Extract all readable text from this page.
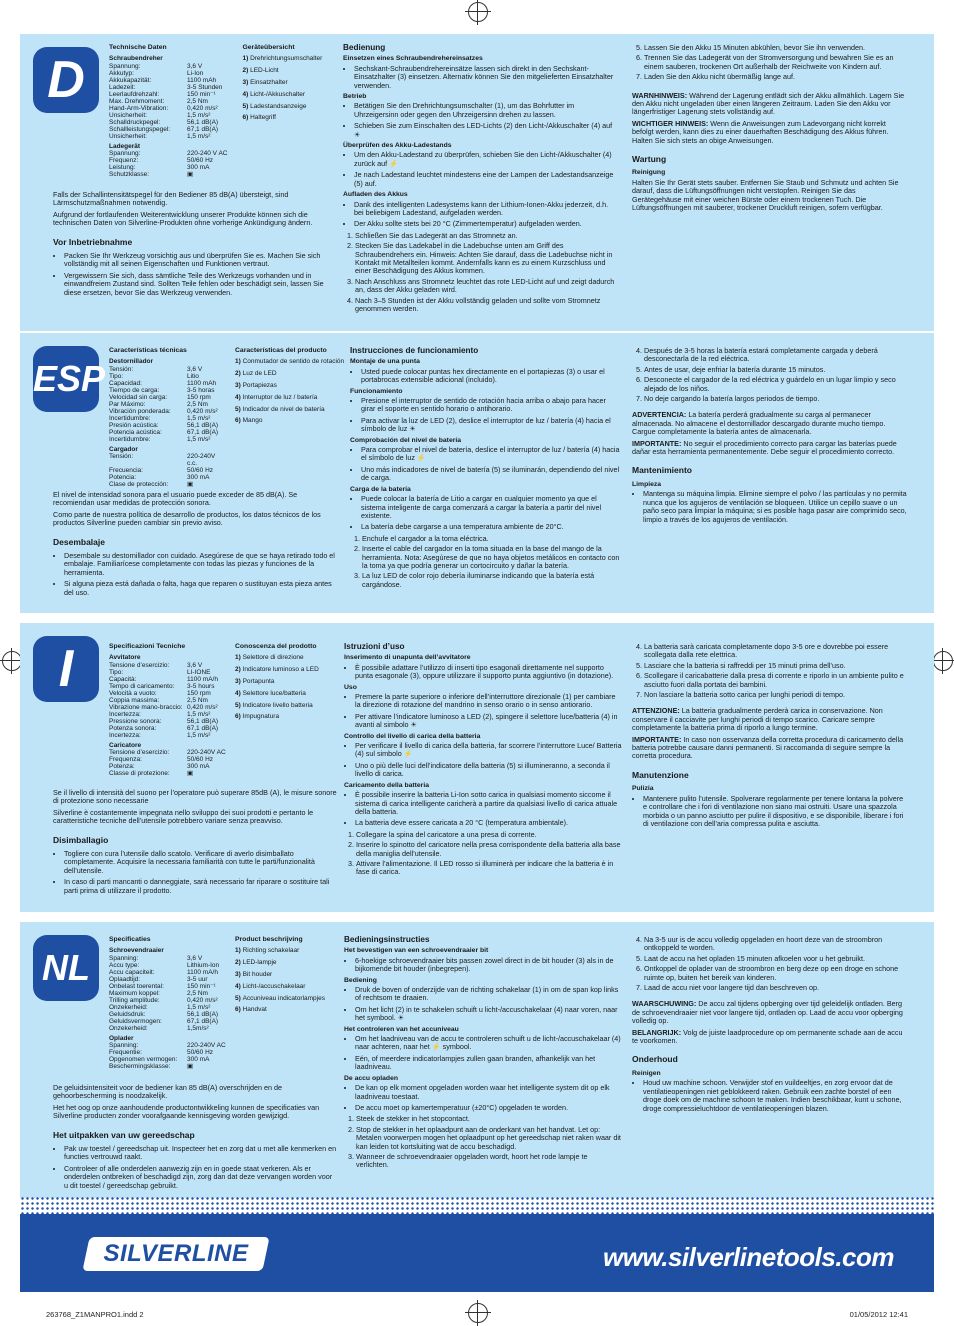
D
Technische Daten
Schraubendreher
Spannung:	3,6 V
Akkutyp:	Li-Ion
Akkukapazität:	1100 mAh
Ladezeit:	3-5 Stunden
Leerlaufdrehzahl:	150 min⁻¹
Max. Drehmoment:	2,5 Nm
Hand-Arm-Vibration:	0,420 m/s²
Unsicherheit:	1,5 m/s²
Schalldruckpegel:	56,1 dB(A)
Schallleistungspegel:	67,1 dB(A)
Unsicherheit:	1,5 m/s²
Ladegerät
Spannung:	220-240 V AC
Frequenz:	50/60 Hz
Leistung:	300 mA
Schutzklasse:	▣
Geräteübersicht
1) Drehrichtungsumschalter
2) LED-Licht
3) Einsatzhalter
4) Licht-/Akkuschalter
5) Ladestandsanzeige
6) Haltegriff

Falls der Schallintensitätspegel für den Bediener 85 dB(A) übersteigt, sind Lärmschutzmaßnahmen notwendig.

Aufgrund der fortlaufenden Weiterentwicklung unserer Produkte können sich die technischen Daten von Silverline-Produkten ohne vorherige Ankündigung ändern.

Vor Inbetriebnahme
• Packen Sie Ihr Werkzeug vorsichtig aus und überprüfen Sie es. Machen Sie sich vollständig mit all seinen Eigenschaften und Funktionen vertraut.
• Vergewissern Sie sich, dass sämtliche Teile des Werkzeugs vorhanden und in einwandfreiem Zustand sind. Sollten Teile fehlen oder beschädigt sein, lassen Sie diese ersetzen, bevor Sie das Werkzeug verwenden.
Bedienung
Einsetzen eines Schraubendrehereinsatzes
• Sechskant-Schraubendrehereinsätze lassen sich direkt in den Sechskant-Einsatzhalter (3) einsetzen. Alternativ können Sie den mitgelieferten Einsatzhalter verwenden.
Betrieb
• Betätigen Sie den Drehrichtungsumschalter (1), um das Bohrfutter im Uhrzeigersinn oder gegen den Uhrzeigersinn drehen zu lassen.
• Schieben Sie zum Einschalten des LED-Lichts (2) den Licht-/Akkuschalter (4) auf ☀
Überprüfen des Akku-Ladestands
• Um den Akku-Ladestand zu überprüfen, schieben Sie den Licht-/Akkuschalter (4) zurück auf ⚡
• Je nach Ladestand leuchtet mindestens eine der Lampen der Ladestandsanzeige (5) auf.
Aufladen des Akkus
• Dank des intelligenten Ladesystems kann der Lithium-Ionen-Akku jederzeit, d.h. bei beliebigem Ladestand, aufgeladen werden.
• Der Akku sollte stets bei 20 °C (Zimmertemperatur) aufgeladen werden.
1. Schließen Sie das Ladegerät an das Stromnetz an.
2. Stecken Sie das Ladekabel in die Ladebuchse unten am Griff des Schraubendrehers ein. Hinweis: Achten Sie darauf, dass die Ladebuchse nicht in Kontakt mit Metallteilen kommt. Andernfalls kann es zu einem Kurzschluss und einer Beschädigung des Akkus kommen.
3. Nach Anschluss ans Stromnetz leuchtet das rote LED-Licht auf und zeigt dadurch an, dass der Akku geladen wird.
4. Nach 3–5 Stunden ist der Akku vollständig geladen und sollte vom Stromnetz genommen werden.
5. Lassen Sie den Akku 15 Minuten abkühlen, bevor Sie ihn verwenden.
6. Trennen Sie das Ladegerät von der Stromversorgung und bewahren Sie es an einem sauberen, trockenen Ort außerhalb der Reichweite von Kindern auf.
7. Laden Sie den Akku nicht übermäßig lange auf.

WARNHINWEIS: Während der Lagerung entlädt sich der Akku allmählich. Lagern Sie den Akku nicht ungeladen über einen längeren Zeitraum. Laden Sie den Akku vor längerfristiger Lagerung stets vollständig auf.

WICHTIGER HINWEIS: Wenn die Anweisungen zum Ladevorgang nicht korrekt befolgt werden, kann dies zu einer dauerhaften Beschädigung des Akkus führen. Halten Sie sich stets an obige Anweisungen.

Wartung
Reinigung

Halten Sie Ihr Gerät stets sauber. Entfernen Sie Staub und Schmutz und achten Sie darauf, dass die Lüftungsöffnungen nicht verstopfen. Reinigen Sie das Gerätegehäuse mit einer weichen Bürste oder einem trockenen Tuch. Die Lüftungsöffnungen mit sauberer, trockener Druckluft reinigen, sofern verfügbar.

ESP
Características técnicas
Destornillador
Tensión:	3,6 V
Tipo:	Litio
Capacidad:	1100 mAh
Tiempo de carga:	3-5 horas
Velocidad sin carga:	150 rpm
Par Máximo:	2,5 Nm
Vibración ponderada:	0,420 m/s²
Incertidumbre:	1,5 m/s²
Presión acústica:	56,1 dB(A)
Potencia acústica:	67,1 dB(A)
Incertidumbre:	1,5 m/s²
Cargador
Tensión:	220-240V c.c.
Frecuencia:	50/60 Hz
Potencia:	300 mA
Clase de protección:	▣
Características del producto
1) Conmutador de sentido de rotación
2) Luz de LED
3) Portapiezas
4) Interruptor de luz / batería
5) Indicador de nivel de batería
6) Mango

El nivel de intensidad sonora para el usuario puede exceder de 85 dB(A). Se recomiendan usar medidas de protección sonora.

Como parte de nuestra política de desarrollo de productos, los datos técnicos de los productos Silverline pueden cambiar sin previo aviso.

Desembalaje
• Desembale su destornillador con cuidado. Asegúrese de que se haya retirado todo el embalaje. Familiarícese completamente con todas las piezas y funciones de la herramienta.
• Si alguna pieza está dañada o falta, haga que reparen o sustituyan esta pieza antes del uso.
Instrucciones de funcionamiento
Montaje de una punta
• Usted puede colocar puntas hex directamente en el portapiezas (3) o usar el portabrocas extensible adicional (incluido).
Funcionamiento
• Presione el interruptor de sentido de rotación hacia arriba o abajo para hacer girar el soporte en sentido horario o antihorario.
• Para activar la luz de LED (2), deslice el interruptor de luz / batería (4) hacia el símbolo de luz ☀
Comprobación del nivel de batería
• Para comprobar el nivel de batería, deslice el interruptor de luz / batería (4) hacia el símbolo de luz ⚡
• Uno más indicadores de nivel de batería (5) se iluminarán, dependiendo del nivel de carga.
Carga de la batería
• Puede colocar la batería de Litio a cargar en cualquier momento ya que el sistema inteligente de carga comenzará a cargar la batería a partir del nivel existente.
• La batería debe cargarse a una temperatura ambiente de 20°C.
1. Enchufe el cargador a la toma eléctrica.
2. Inserte el cable del cargador en la toma situada en la base del mango de la herramienta. Nota: Asegúrese de que no haya objetos metálicos en contacto con la toma ya que podría generar un cortocircuito y dañar la batería.
3. La luz LED de color rojo debería iluminarse indicando que la batería está cargándose.
4. Después de 3-5 horas la batería estará completamente cargada y deberá desconectarla de la red eléctrica.
5. Antes de usar, deje enfriar la batería durante 15 minutos.
6. Desconecte el cargador de la red eléctrica y guárdelo en un lugar limpio y seco alejado de los niños.
7. No deje cargando la batería largos periodos de tiempo.

ADVERTENCIA: La batería perderá gradualmente su carga al permanecer almacenada. No almacene el destornillador descargado durante mucho tiempo. Cargue completamente la batería antes de almacenarla.

IMPORTANTE: No seguir el procedimiento correcto para cargar las baterías puede dañar esta herramienta permanentemente. Debe seguir el procedimiento correcto.

Mantenimiento
Limpieza
• Mantenga su máquina limpia. Elimine siempre el polvo / las partículas y no permita nunca que los agujeros de ventilación se bloqueen. Utilice un cepillo suave o un paño seco para limpiar la máquina; si es posible haga pasar aire comprimido seco, limpio a través de los agujeros de ventilación.
I	Specificazioni Tecniche
Avvitatore
Tensione d’esercizio:	3,6 V
Tipo:	LI-IONE
Capacità:	1100 mA/h
Tempo di caricamento:	3-5 hours
Velocità a vuoto:	150 rpm
Coppia massima:	2,5 Nm
Vibrazione mano-braccio: 0,420 m/s²
Incertezza:	1,5 m/s²
Pressione sonora:	56,1 dB(A)
Potenza sonora:	67,1 dB(A)
Incertezza:	1,5 m/s²
Caricatore
Tensione d’esercizio:	220-240V AC
Frequenza:	50/60 Hz
Potenza:	300 mA
Classe di protezione:	▣
Conoscenza del prodotto
1) Selettore di direzione
2) Indicatore luminoso a LED
3) Portapunta
4) Selettore luce/batteria
5) Indicatore livello batteria
6) Impugnatura

Se il livello di intensità del suono per l’operatore può superare 85dB (A), le misure sonore di protezione sono necessarie

Silverline è costantemente impegnata nello sviluppo dei suoi prodotti e pertanto le caratteristiche tecniche dell’utensile potrebbero variare senza preavviso.

Disimballagio
• Togliere con cura l’utensile dallo scatolo. Verificare di averlo disimballato completamente. Acquisire la necessaria familiarità con tutte le parti/funzionalità dell’utensile.
• In caso di parti mancanti o danneggiate, sarà necessario far riparare o sostituire tali parti prima di utilizzare il prodotto.
Istruzioni d’uso
Inserimento di unapunta dell’avvitatore
• È possibile adattare l’utilizzo di inserti tipo esagonali direttamente nel supporto punta esagonale (3), oppure utilizzare il supporto punta aggiuntivo (in dotazione).
Uso
• Premere la parte superiore o inferiore dell’interruttore direzionale (1) per cambiare la direzione di rotazione del mandrino in senso orario o in senso antiorario.
• Per attivare l’indicatore luminoso a LED (2), spingere il selettore luce/batteria (4) in avanti al simbolo ☀
Controllo del livello di carica della batteria
• Per verificare il livello di carica della batteria, far scorrere l’interruttore Luce/ Batteria (4) sul simbolo ⚡
• Uno o più delle luci dell’indicatore della batteria (5) si illumineranno, a seconda il livello di carica.
Caricamento della batteria
• È possibile inserire la batteria Li-Ion sotto carica in qualsiasi momento siccome il sistema di carica intelligente caricherà a partire da qualsiasi livello di carica attuale della batteria.
• La batteria deve essere caricata a 20 °C (temperatura ambientale).
1. Collegare la spina del caricatore a una presa di corrente.
2. Inserire lo spinotto del caricatore nella presa corrispondente della batteria alla base della maniglia dell’utensile.
3. Attivare l’alimentazione. Il LED rosso si illuminerà per indicare che la batteria è in fase di carica.
4. La batteria sarà caricata completamente dopo 3-5 ore e dovrebbe poi essere scollegata dalla rete elettrica.
5. Lasciare che la batteria si raffreddi per 15 minuti prima dell’uso.
6. Scollegare il caricabatterie dalla presa di corrente e riporlo in un ambiente pulito e asciutto fuori dalla portata dei bambini.
7. Non lasciare la batteria sotto carica per lunghi periodi di tempo.

ATTENZIONE: La batteria gradualmente perderà carica in conservazione. Non conservare il cacciavite per lunghi periodi di tempo scarico. Caricare sempre completamente la batteria prima di riporlo a lungo termine.

IMPORTANTE: In caso non osservanza della corretta procedura di caricamento della batteria potrebbe causare danni permanenti. Si raccomanda di seguire sempre la corretta procedura.

Manutenzione
Pulizia
• Mantenere pulito l’utensile. Spolverare regolarmente per tenere lontana la polvere e controllare che i fori di ventilazione non siano mai ostruiti. Usare una spazzola morbida o un panno asciutto per pulire il dispositivo, e se disponibile, liberare i fori di ventilazione con dell’aria compressa pulita e asciutta.
NL
Specificaties
Schroevendraaier
Spanning:	3,6 V
Accu type:	Lithium-Ion
Accu capaciteit:	1100 mA/h
Oplaadtijd:	3-5 uur
Onbelast toerental:	150 min⁻¹
Maximum koppel:	2,5 Nm
Trilling amplitude:	0,420 m/s²
Onzekerheid:	1,5 m/s²
Geluidsdruk:	56,1 dB(A)
Geluidsvermogen:	67,1 dB(A)
Onzekerheid:	1,5m/s²
Oplader
Spanning:	220-240V AC
Frequentie:	50/60 Hz
Opgenomen vermogen:	300 mA
Beschermingsklasse:	▣
Product beschrijving
1) Richting schakelaar
2) LED-lampje
3) Bit houder
4) Licht-/accuschakelaar
5) Accuniveau indicatorlampjes
6) Handvat

De geluidsintensiteit voor de bediener kan 85 dB(A) overschrijden en de gehoorbescherming is noodzakelijk.

Het het oog op onze aanhoudende productontwikkeling kunnen de specificaties van Silverline producten zonder voorafgaande kennisgeving worden gewijzigd.

Het uitpakken van uw gereedschap
• Pak uw toestel / gereedschap uit. Inspecteer het en zorg dat u met alle kenmerken en functies vertrouwd raakt.
• Controleer of alle onderdelen aanwezig zijn en in goede staat verkeren. Als er onderdelen ontbreken of beschadigd zijn, zorg dan dat deze vervangen worden voor u dit toestel / gereedschap gebruikt.
Bedieningsinstructies
Het bevestigen van een schroevendraaier bit
• 6-hoekige schroevendraaier bits passen zowel direct in de bit houder (3) als in de bijkomende bit houder (inbegrepen).
Bediening
• Druk de boven of onderzijde van de richting schakelaar (1) in om de span kop links of rechtsom te draaien.
• Om het licht (2) in te schakelen schuift u licht-/accuschakelaar (4) naar voren, naar het symbool. ☀
Het controleren van het accuniveau
• Om het laadniveau van de accu te controleren schuift u de licht-/accuschakelaar (4) naar achteren, naar het ⚡ symbool.
• Eén, of meerdere indicatorlampjes zullen gaan branden, afhankelijk van het laadniveau.
De accu opladen
• De kan op elk moment opgeladen worden waar het intelligente system dit op elk laadniveau toestaat.
• De accu moet op kamertemperatuur (±20°C) opgeladen te worden.
1. Steek de stekker in het stopcontact.
2. Stop de stekker in het oplaadpunt aan de onderkant van het handvat. Let op: Metalen voorwerpen mogen het oplaadpunt op het gereedschap niet raken waar dit kan leiden tot kortsluiting wat de accu beschadigd.
3. Wanneer de schroevendraaier opgeladen wordt, hoort het rode lampje te verlichten.
4. Na 3-5 uur is de accu volledig opgeladen en hoort deze van de stroombron ontkoppeld te worden.
5. Laat de accu na het opladen 15 minuten afkoelen voor u het gebruikt.
6. Ontkoppel de oplader van de stroombron en berg deze op een droge en schone ruimte op, buiten het bereik van kinderen.
7. Laad de accu niet voor langere tijd dan beschreven op.

WAARSCHUWING: De accu zal tijdens opberging over tijd geleidelijk ontladen. Berg de schroevendraaier niet voor langere tijd, ontladen op. Laad de accu voor opberging volledig op.

BELANGRIJK: Volg de juiste laadprocedure op om permanente schade aan de accu te voorkomen.

Onderhoud
Reinigen
• Houd uw machine schoon. Verwijder stof en vuildeeltjes, en zorg ervoor dat de ventilatieopeningen niet geblokkeerd raken. Gebruik een zachte borstel of een droge doek om de machine schoon te maken. Indien beschikbaar, kunt u schone, droge compressieluchtdoor de ventilatieopeningen blazen.
SILVERLINE	www.silverlinetools.com
263768_Z1MANPRO1.indd 2	01/05/2012 12:41
